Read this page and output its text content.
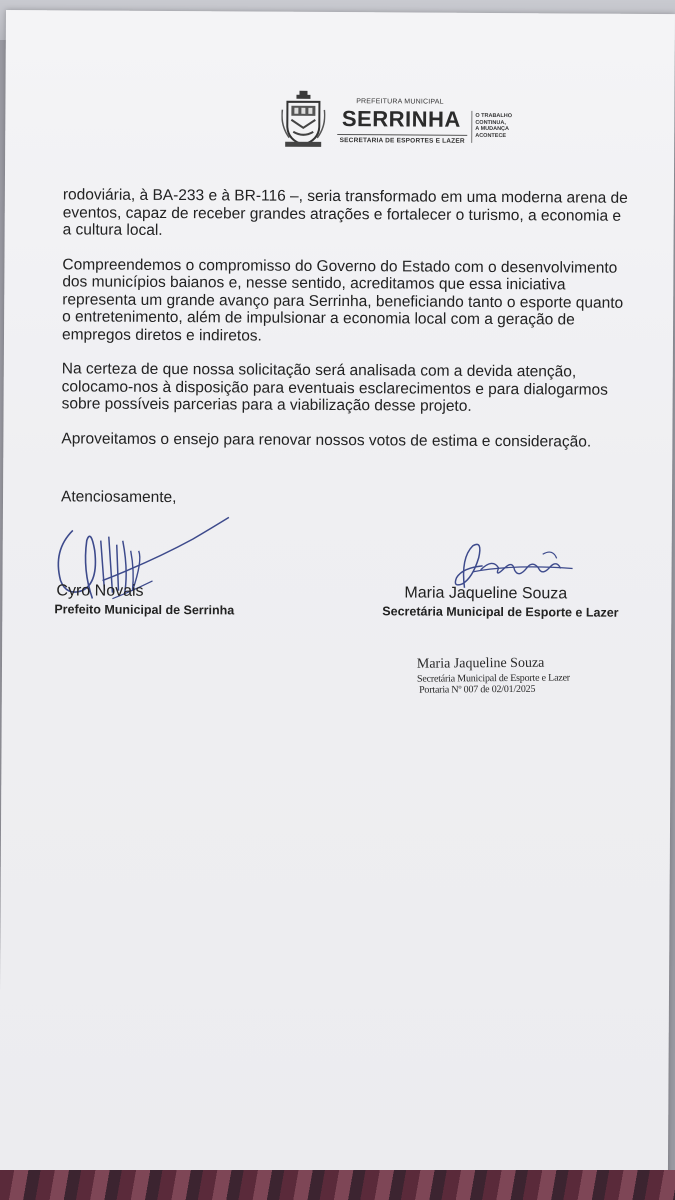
PREFEITURA MUNICIPAL
SERRINHA
SECRETARIA DE ESPORTES E LAZER
O TRABALHO
CONTINUA,
A MUDANÇA
ACONTECE

rodoviária, à BA-233 e à BR-116 –, seria transformado em uma moderna arena de eventos, capaz de receber grandes atrações e fortalecer o turismo, a economia e a cultura local.

Compreendemos o compromisso do Governo do Estado com o desenvolvimento dos municípios baianos e, nesse sentido, acreditamos que essa iniciativa representa um grande avanço para Serrinha, beneficiando tanto o esporte quanto o entretenimento, além de impulsionar a economia local com a geração de empregos diretos e indiretos.

Na certeza de que nossa solicitação será analisada com a devida atenção, colocamo-nos à disposição para eventuais esclarecimentos e para dialogarmos sobre possíveis parcerias para a viabilização desse projeto.

Aproveitamos o ensejo para renovar nossos votos de estima e consideração.

Atenciosamente,
Cyro Novais
Prefeito Municipal de Serrinha
Maria Jaqueline Souza
Secretária Municipal de Esporte e Lazer
Maria Jaqueline Souza
Secretária Municipal de Esporte e Lazer
Portaria Nº 007 de 02/01/2025
